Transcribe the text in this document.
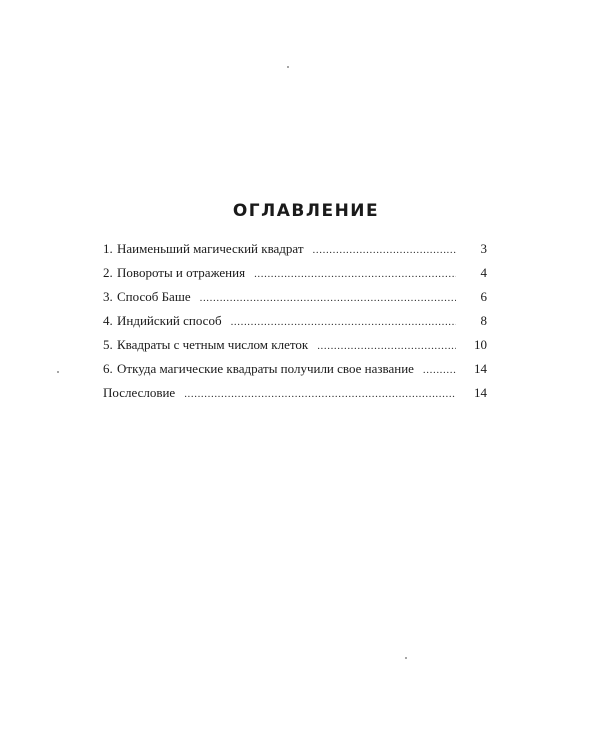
ОГЛАВЛЕНИЕ
1. Наименьший магический квадрат .....	3
2. Повороты и отражения .....	4
3. Способ Баше .....	6
4. Индийский способ .....	8
5. Квадраты с четным числом клеток .....	10
6. Откуда магические квадраты получили свое название .....	14
Послесловие .....	14
